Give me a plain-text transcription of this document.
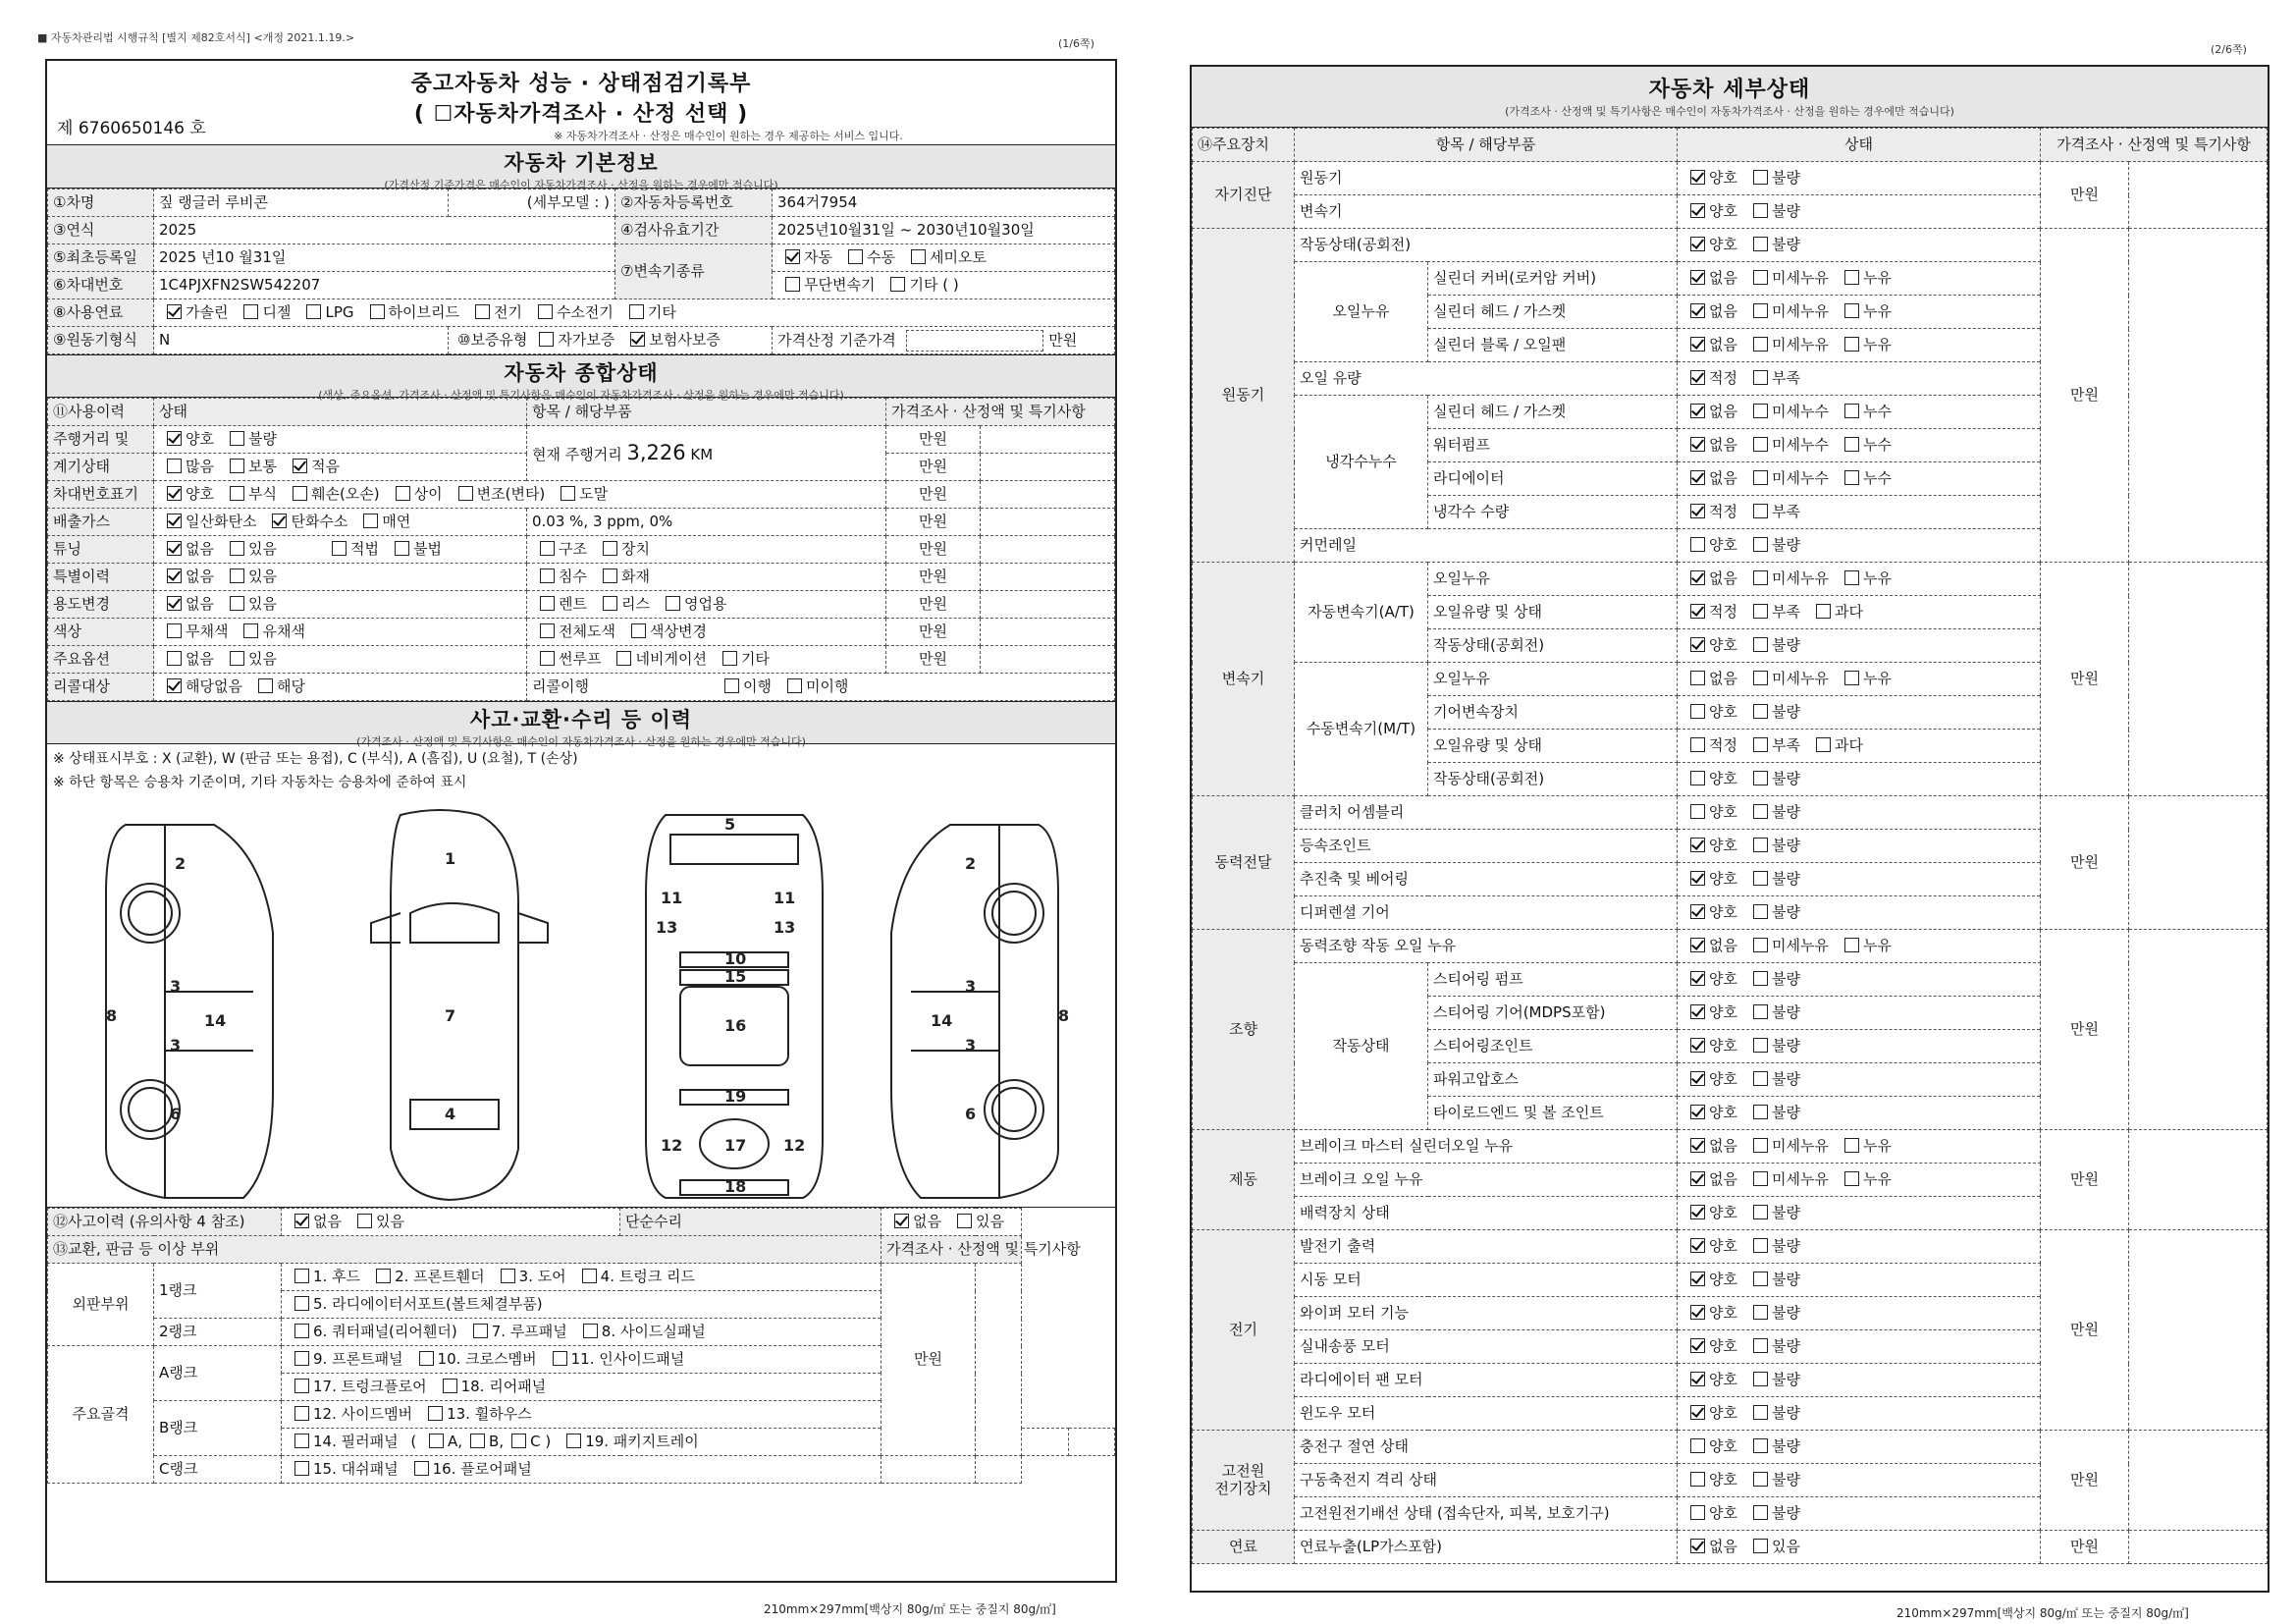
■ 자동차관리법 시행규칙 [별지 제82호서식] <개정 2021.1.19.>	(1/6쪽)
중고자동차 성능 · 상태점검기록부
( ☐자동차가격조사 · 산정 선택 )
※ 자동차가격조사 · 산정은 매수인이 원하는 경우 제공하는 서비스 입니다.
제 6760650146 호
자동차 기본정보
(가격산정 기준가격은 매수인이 자동차가격조사 · 산정을 원하는 경우에만 적습니다)
①차명	짚 랭글러 루비콘	(세부모델 : )	②자동차등록번호	364거7954
③연식	2025		④검사유효기간	2025년10월31일 ~ 2030년10월30일
⑤최초등록일	2025 년10 월31일		⑦변속기종류	자동 수동 세미오토
⑥차대번호	1C4PJXFN2SW542207			무단변속기 기타 ( )
⑧사용연료	가솔린 디젤 LPG 하이브리드 전기 수소전기 기타			
⑨원동기형식	N	⑩보증유형 자가보증 보험사보증		가격산정 기준가격 만원
자동차 종합상태
(색상, 주요옵션, 가격조사 · 산정액 및 특기사항은 매수인이 자동차가격조사 · 산정을 원하는 경우에만 적습니다)
⑪사용이력	상태	항목 / 해당부품	가격조사 · 산정액 및 특기사항	
주행거리 및	양호 불량	현재 주행거리 3,226 KM	만원	
계기상태	많음 보통 적음		만원	
차대번호표기	양호 부식 훼손(오손) 상이 변조(변타) 도말		만원	
배출가스	일산화탄소 탄화수소 매연	0.03 %, 3 ppm, 0%	만원	
튜닝	없음 있음 적법 불법	구조 장치	만원	
특별이력	없음 있음	침수 화재	만원	
용도변경	없음 있음	렌트 리스 영업용	만원	
색상	무채색 유채색	전체도색 색상변경	만원	
주요옵션	없음 있음	썬루프 네비게이션 기타	만원	
리콜대상	해당없음 해당	리콜이행 이행 미이행		
사고·교환·수리 등 이력
(가격조사 · 산정액 및 특기사항은 매수인이 자동차가격조사 · 산정을 원하는 경우에만 적습니다)
※ 상태표시부호 : X (교환), W (판금 또는 용접), C (부식), A (흠집), U (요철), T (손상)
※ 하단 항목은 승용차 기준이며, 기타 자동차는 승용차에 준하여 표시
2
3
3
8	14
6
1
7
4
5
11	11
13	13
10
15
16
19
17
12	12
18
2
3
3
8
14
6
⑫사고이력 (유의사항 4 참조)		없음 있음	단순수리	없음 있음			
⑬교환, 판금 등 이상 부위				가격조사 · 산정액 및 특기사항			
외판부위	1랭크	1. 후드 2. 프론트휀더 3. 도어 4. 트렁크 리드		만원			
		5. 라디에이터서포트(볼트체결부품)					
	2랭크	6. 쿼터패널(리어휀더) 7. 루프패널 8. 사이드실패널					
주요골격	A랭크	9. 프론트패널 10. 크로스멤버 11. 인사이드패널					
		17. 트렁크플로어 18. 리어패널					
	B랭크	12. 사이드멤버 13. 휠하우스					
		14. 필러패널 ( A, B, C ) 19. 패키지트레이					
	C랭크	15. 대쉬패널 16. 플로어패널					
210mm×297mm[백상지 80g/㎡ 또는 중질지 80g/㎡]
(2/6쪽)
자동차 세부상태
(가격조사 · 산정액 및 특기사항은 매수인이 자동차가격조사 · 산정을 원하는 경우에만 적습니다)
⑭주요장치	항목 / 해당부품		상태	가격조사 · 산정액 및 특기사항	
자기진단	원동기		양호 불량	만원	
	변속기		양호 불량		
원동기	작동상태(공회전)		양호 불량	만원	
	오일누유	실린더 커버(로커암 커버)	없음 미세누유 누유		
		실린더 헤드 / 가스켓	없음 미세누유 누유		
		실린더 블록 / 오일팬	없음 미세누유 누유		
	오일 유량		적정 부족		
	냉각수누수	실린더 헤드 / 가스켓	없음 미세누수 누수		
		워터펌프	없음 미세누수 누수		
		라디에이터	없음 미세누수 누수		
		냉각수 수량	적정 부족		
	커먼레일		양호 불량		
변속기	자동변속기(A/T)	오일누유	없음 미세누유 누유	만원	
		오일유량 및 상태	적정 부족 과다		
		작동상태(공회전)	양호 불량		
	수동변속기(M/T)	오일누유	없음 미세누유 누유		
		기어변속장치	양호 불량		
		오일유량 및 상태	적정 부족 과다		
		작동상태(공회전)	양호 불량		
동력전달	클러치 어셈블리		양호 불량	만원	
	등속조인트		양호 불량		
	추진축 및 베어링		양호 불량		
	디퍼렌셜 기어		양호 불량		
조향	동력조향 작동 오일 누유		없음 미세누유 누유	만원	
	작동상태	스티어링 펌프	양호 불량		
		스티어링 기어(MDPS포함)	양호 불량		
		스티어링조인트	양호 불량		
		파워고압호스	양호 불량		
		타이로드엔드 및 볼 조인트	양호 불량		
제동	브레이크 마스터 실린더오일 누유		없음 미세누유 누유	만원	
	브레이크 오일 누유		없음 미세누유 누유		
	배력장치 상태		양호 불량		
전기	발전기 출력		양호 불량	만원	
	시동 모터		양호 불량		
	와이퍼 모터 기능		양호 불량		
	실내송풍 모터		양호 불량		
	라디에이터 팬 모터		양호 불량		
	윈도우 모터		양호 불량		
고전원
전기장치	충전구 절연 상태		양호 불량	만원	
	구동축전지 격리 상태		양호 불량		
	고전원전기배선 상태 (접속단자, 피복, 보호기구)		양호 불량		
연료	연료누출(LP가스포함)		없음 있음	만원	
210mm×297mm[백상지 80g/㎡ 또는 중질지 80g/㎡]
